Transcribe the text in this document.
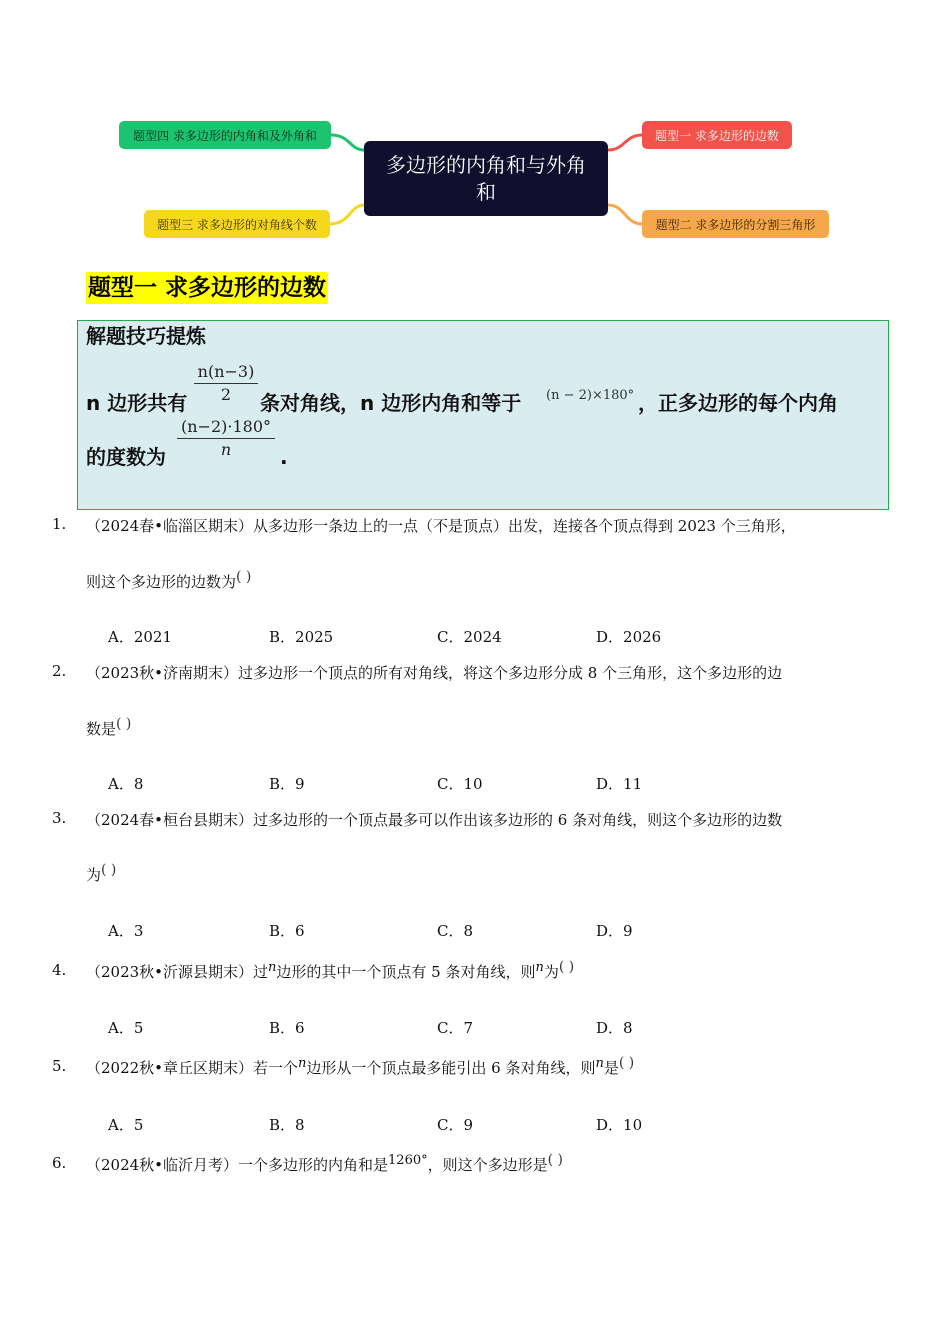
多边形的内角和与外角和
题型四 求多边形的内角和及外角和
题型三 求多边形的对角线个数
题型一 求多边形的边数
题型二 求多边形的分割三角形
题型一 求多边形的边数
解题技巧提炼
n 边形共有 $\frac{n(n-3)}{2}$ 条对角线，n 边形内角和等于 (n − 2)×180° ，正多边形的每个内角
的度数为 $\frac{(n-2)\cdot 180^\circ}{n}$ .
1. （2024春•临淄区期末）从多边形一条边上的一点（不是顶点）出发，连接各个顶点得到 2023 个三角形，
则这个多边形的边数为( )
A．2021	B．2025	C．2024	D．2026
2. （2023秋•济南期末）过多边形一个顶点的所有对角线，将这个多边形分成 8 个三角形，这个多边形的边
数是( )
A．8	B．9	C．10	D．11
3. （2024春•桓台县期末）过多边形的一个顶点最多可以作出该多边形的 6 条对角线，则这个多边形的边数
为( )
A．3	B．6	C．8	D．9
4. （2023秋•沂源县期末）过n边形的其中一个顶点有 5 条对角线，则n为( )
A．5	B．6	C．7	D．8
5. （2022秋•章丘区期末）若一个n边形从一个顶点最多能引出 6 条对角线，则n是( )
A．5	B．8	C．9	D．10
6. （2024秋•临沂月考）一个多边形的内角和是1260°，则这个多边形是( )
